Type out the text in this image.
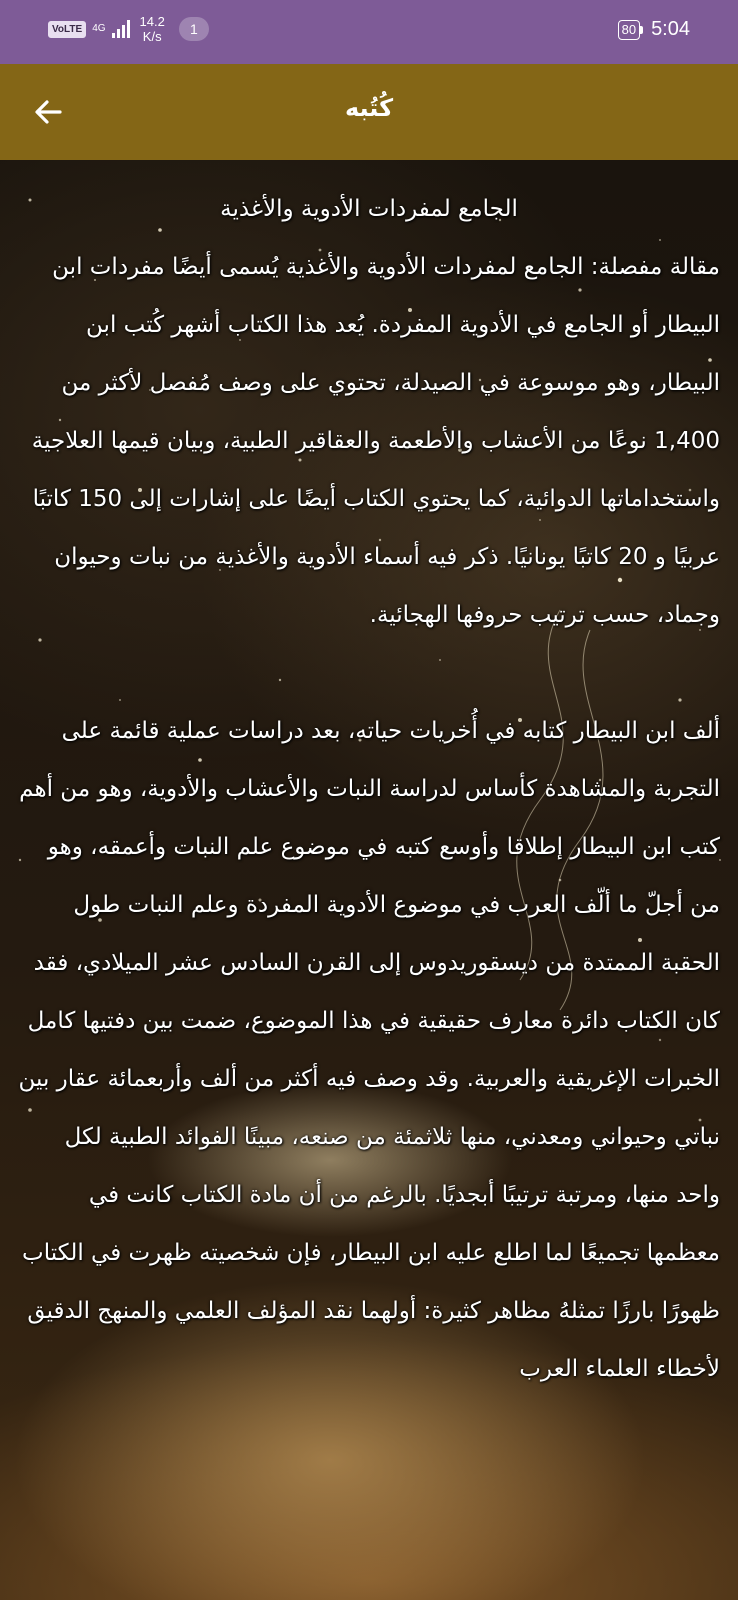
VoLTE	4G	14.2
K/s	1	80 5:04
كُتُبه

الجامع لمفردات الأدوية والأغذية

مقالة مفصلة: الجامع لمفردات الأدوية والأغذية يُسمى أيضًا مفردات ابن البيطار أو الجامع في الأدوية المفردة. يُعد هذا الكتاب أشهر كُتب ابن البيطار، وهو موسوعة في الصيدلة، تحتوي على وصف مُفصل لأكثر من 1,400 نوعًا من الأعشاب والأطعمة والعقاقير الطبية، وبيان قيمها العلاجية واستخداماتها الدوائية، كما يحتوي الكتاب أيضًا على إشارات إلى 150 كاتبًا عربيًا و 20 كاتبًا يونانيًا. ذكر فيه أسماء الأدوية والأغذية من نبات وحيوان وجماد، حسب ترتيب حروفها الهجائية.

ألف ابن البيطار كتابه في أُخريات حياته، بعد دراسات عملية قائمة على التجربة والمشاهدة كأساس لدراسة النبات والأعشاب والأدوية، وهو من أهم كتب ابن البيطار إطلاقا وأوسع كتبه في موضوع علم النبات وأعمقه، وهو من أجلّ ما ألّف العرب في موضوع الأدوية المفردة وعلم النبات طول الحقبة الممتدة من ديسقوريدوس إلى القرن السادس عشر الميلادي، فقد كان الكتاب دائرة معارف حقيقية في هذا الموضوع، ضمت بين دفتيها كامل الخبرات الإغريقية والعربية. وقد وصف فيه أكثر من ألف وأربعمائة عقار بين نباتي وحيواني ومعدني، منها ثلاثمئة من صنعه، مبينًا الفوائد الطبية لكل واحد منها، ومرتبة ترتيبًا أبجديًا. بالرغم من أن مادة الكتاب كانت في معظمها تجميعًا لما اطلع عليه ابن البيطار، فإن شخصيته ظهرت في الكتاب ظهورًا بارزًا تمثلهُ مظاهر كثيرة: أولهما نقد المؤلف العلمي والمنهج الدقيق لأخطاء العلماء العرب
